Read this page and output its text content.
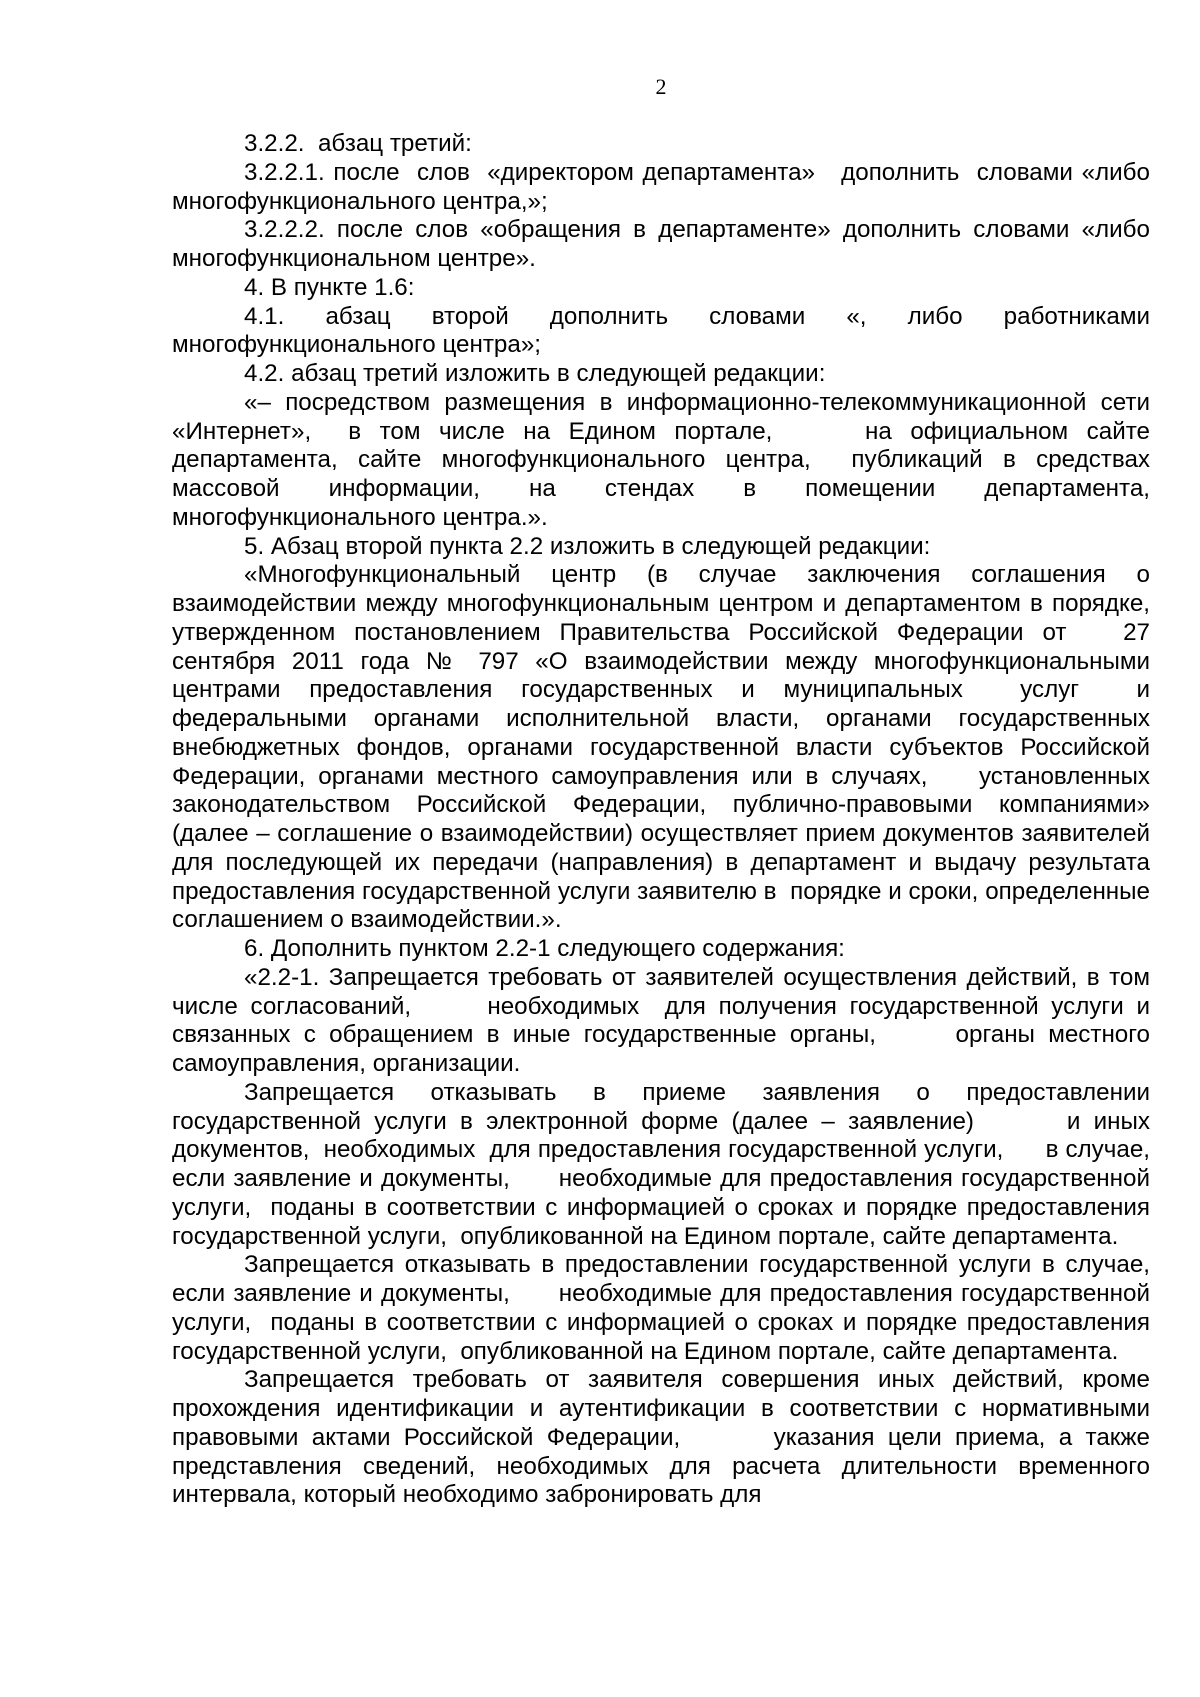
2

3.2.2.  абзац третий:

3.2.2.1. после  слов  «директором департамента»   дополнить  словами «либо многофункционального центра,»;

3.2.2.2. после слов «обращения в департаменте» дополнить словами «либо многофункциональном центре».

4. В пункте 1.6:

4.1. абзац второй дополнить словами «, либо работниками многофункционального центра»;

4.2. абзац третий изложить в следующей редакции:

«– посредством размещения в информационно-телекоммуникационной сети «Интернет»,  в том числе на Едином портале,     на официальном сайте департамента, сайте многофункционального центра,  публикаций в средствах массовой информации, на стендах в помещении департамента, многофункционального центра.».

5. Абзац второй пункта 2.2 изложить в следующей редакции:

«Многофункциональный центр (в случае заключения соглашения о взаимодействии между многофункциональным центром и департаментом в порядке, утвержденном постановлением Правительства Российской Федерации от   27 сентября 2011 года № 797 «О взаимодействии между многофункциональными центрами предоставления государственных и муниципальных  услуг  и федеральными органами исполнительной власти, органами государственных внебюджетных фондов, органами государственной власти субъектов Российской Федерации, органами местного самоуправления или в случаях,    установленных законодательством Российской Федерации, публично-правовыми компаниями» (далее – соглашение о взаимодействии) осуществляет прием документов заявителей для последующей их передачи (направления) в департамент и выдачу результата предоставления государственной услуги заявителю в  порядке и сроки, определенные соглашением о взаимодействии.».

6. Дополнить пунктом 2.2-1 следующего содержания:

«2.2-1. Запрещается требовать от заявителей осуществления действий, в том числе согласований,      необходимых  для получения государственной услуги и связанных с обращением в иные государственные органы,      органы местного самоуправления, организации.

Запрещается отказывать в приеме заявления о предоставлении государственной услуги в электронной форме (далее – заявление)       и иных документов,  необходимых  для предоставления государственной услуги,      в случае,  если заявление и документы,      необходимые для предоставления государственной услуги,  поданы в соответствии с информацией о сроках и порядке предоставления государственной услуги,  опубликованной на Едином портале, сайте департамента.

Запрещается отказывать в предоставлении государственной услуги в случае,  если заявление и документы,      необходимые для предоставления государственной услуги,  поданы в соответствии с информацией о сроках и порядке предоставления государственной услуги,  опубликованной на Едином портале, сайте департамента.

Запрещается требовать от заявителя совершения иных действий, кроме прохождения идентификации и аутентификации в соответствии с нормативными правовыми актами Российской Федерации,       указания цели приема, а также представления сведений, необходимых для расчета длительности временного интервала, который необходимо забронировать для
